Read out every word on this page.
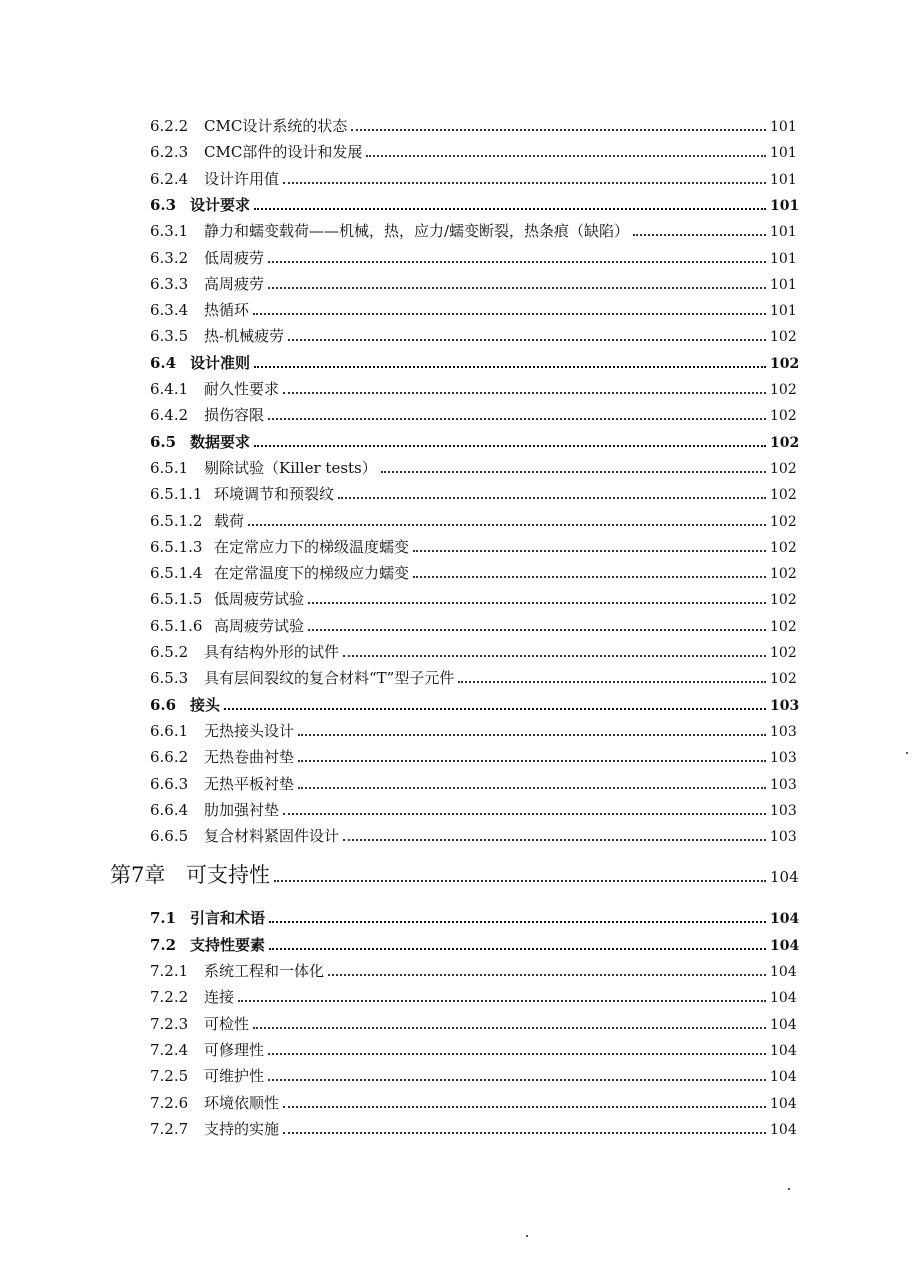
6.2.2	CMC设计系统的状态	101
6.2.3	CMC部件的设计和发展	101
6.2.4	设计许用值	101
6.3 设计要求	101
6.3.1	静力和蠕变载荷——机械，热，应力/蠕变断裂，热条痕（缺陷）	101
6.3.2	低周疲劳	101
6.3.3	高周疲劳	101
6.3.4	热循环	101
6.3.5	热-机械疲劳	102
6.4 设计准则	102
6.4.1	耐久性要求	102
6.4.2	损伤容限	102
6.5 数据要求	102
6.5.1	剔除试验（Killer tests）	102
6.5.1.1 环境调节和预裂纹	102
6.5.1.2 载荷	102
6.5.1.3 在定常应力下的梯级温度蠕变	102
6.5.1.4 在定常温度下的梯级应力蠕变	102
6.5.1.5 低周疲劳试验	102
6.5.1.6 高周疲劳试验	102
6.5.2	具有结构外形的试件	102
6.5.3	具有层间裂纹的复合材料“T”型子元件	102
6.6 接头	103
6.6.1	无热接头设计	103
6.6.2	无热卷曲衬垫	103
6.6.3	无热平板衬垫	103
6.6.4	肋加强衬垫	103
6.6.5	复合材料紧固件设计	103
第7章 可支持性	104
7.1 引言和术语	104
7.2 支持性要素	104
7.2.1	系统工程和一体化	104
7.2.2	连接	104
7.2.3	可检性	104
7.2.4	可修理性	104
7.2.5	可维护性	104
7.2.6	环境依顺性	104
7.2.7	支持的实施	104
